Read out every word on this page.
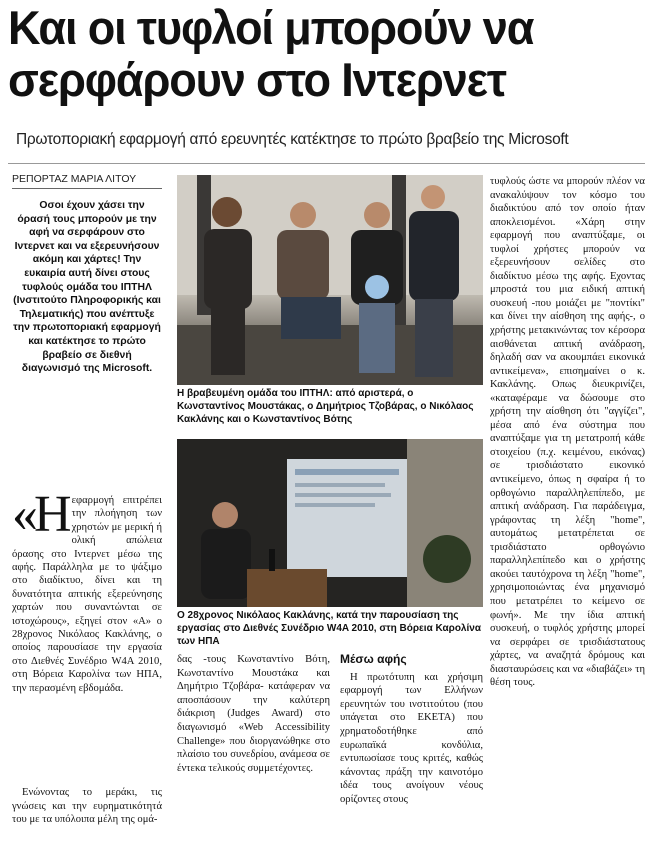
Και οι τυφλοί μπορούν να σερφάρουν στο Ιντερνετ
Πρωτοποριακή εφαρμογή από ερευνητές κατέκτησε το πρώτο βραβείο της Microsoft
ΡΕΠΟΡΤΑΖ ΜΑΡΙΑ ΛΙΤΟΥ

Οσοι έχουν χάσει την όρασή τους μπορούν με την αφή να σερφάρουν στο Ιντερνετ και να εξερευνήσουν ακόμη και χάρτες! Την ευκαιρία αυτή δίνει στους τυφλούς ομάδα του ΙΠΤΗΛ (Ινστιτούτο Πληροφορικής και Τηλεματικής) που ανέπτυξε την πρωτοποριακή εφαρμογή και κατέκτησε το πρώτο βραβείο σε διεθνή διαγωνισμό της Microsoft.

«Η εφαρμογή επιτρέπει την πλοήγηση των χρηστών με μερική ή ολική απώλεια όρασης στο Ιντερνετ μέσω της αφής. Παράλληλα με το ψάξιμο στο διαδίκτυο, δίνει και τη δυνατότητα απτικής εξερεύνησης χαρτών που συναντώνται σε ιστοχώρους», εξηγεί στον «Α» ο 28χρονος Νικόλαος Κακλάνης, ο οποίος παρουσίασε την εργασία στο Διεθνές Συνέδριο W4A 2010, στη Βόρεια Καρολίνα των ΗΠΑ, την περασμένη εβδομάδα.

Ενώνοντας το μεράκι, τις γνώσεις και την ευρηματικότητά του με τα υπόλοιπα μέλη της ομά-

Η βραβευμένη ομάδα του ΙΠΤΗΛ: από αριστερά, ο Κωνσταντίνος Μουστάκας, ο Δημήτριος Τζοβάρας, ο Νικόλαος Κακλάνης και ο Κωνσταντίνος Βότης
Ο 28χρονος Νικόλαος Κακλάνης, κατά την παρουσίαση της εργασίας στο Διεθνές Συνέδριο W4A 2010, στη Βόρεια Καρολίνα των ΗΠΑ

δας -τους Κωνσταντίνο Βότη, Κωνσταντίνο Μουστάκα και Δημήτριο Τζοβάρα- κατάφεραν να αποσπάσουν την καλύτερη διάκριση (Judges Award) στο διαγωνισμό «Web Accessibility Challenge» που διοργανώθηκε στο πλαίσιο του συνεδρίου, ανάμεσα σε έντεκα τελικούς συμμετέχοντες.

Μέσω αφής

Η πρωτότυπη και χρήσιμη εφαρμογή των Ελλήνων ερευνητών του ινστιτούτου (που υπάγεται στο ΕΚΕΤΑ) που χρηματοδοτήθηκε από ευρωπαϊκά κονδύλια, εντυπωσίασε τους κριτές, καθώς κάνοντας πράξη την καινοτόμο ιδέα τους ανοίγουν νέους ορίζοντες στους

τυφλούς ώστε να μπορούν πλέον να ανακαλύψουν τον κόσμο του διαδικτύου από τον οποίο ήταν αποκλεισμένοι. «Χάρη στην εφαρμογή που αναπτύξαμε, οι τυφλοί χρήστες μπορούν να εξερευνήσουν σελίδες στο διαδίκτυο μέσω της αφής. Εχοντας μπροστά του μια ειδική απτική συσκευή -που μοιάζει με "ποντίκι" και δίνει την αίσθηση της αφής-, ο χρήστης μετακινώντας τον κέρσορα αισθάνεται απτική ανάδραση, δηλαδή σαν να ακουμπάει εικονικά αντικείμενα», επισημαίνει ο κ. Κακλάνης. Οπως διευκρινίζει, «καταφέραμε να δώσουμε στο χρήστη την αίσθηση ότι "αγγίζει", μέσα από ένα σύστημα που αναπτύξαμε για τη μετατροπή κάθε στοιχείου (π.χ. κειμένου, εικόνας) σε τρισδιάστατο εικονικό αντικείμενο, όπως η σφαίρα ή το ορθογώνιο παραλληλεπίπεδο, με απτική ανάδραση. Για παράδειγμα, γράφοντας τη λέξη "home", αυτομάτως μετατρέπεται σε τρισδιάστατο ορθογώνιο παραλληλεπίπεδο και ο χρήστης ακούει ταυτόχρονα τη λέξη "home", χρησιμοποιώντας ένα μηχανισμό που μετατρέπει το κείμενο σε φωνή». Με την ίδια απτική συσκευή, ο τυφλός χρήστης μπορεί να σερφάρει σε τρισδιάστατους χάρτες, να αναζητά δρόμους και διασταυρώσεις και να «διαβάζει» τη θέση τους.
